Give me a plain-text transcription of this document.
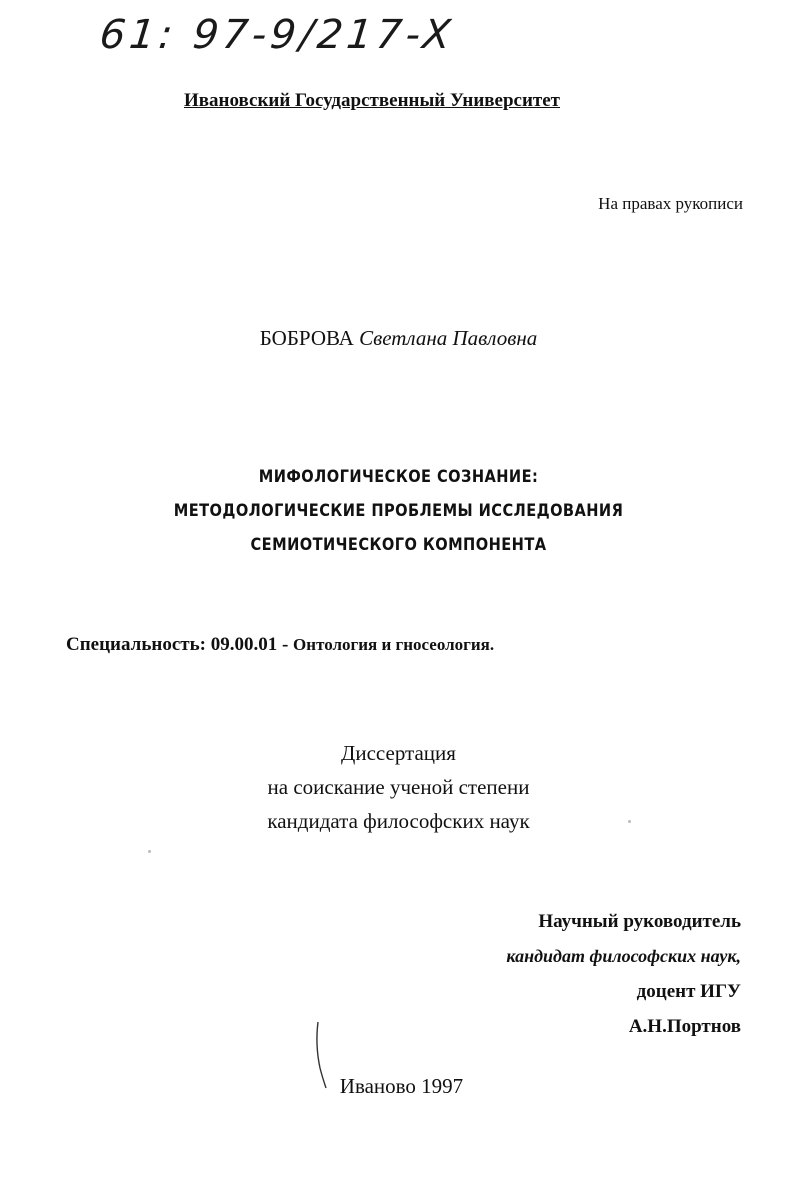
61: 97-9/217-X
Ивановский Государственный Университет
На правах рукописи
БОБРОВА Светлана Павловна
МИФОЛОГИЧЕСКОЕ СОЗНАНИЕ:
МЕТОДОЛОГИЧЕСКИЕ ПРОБЛЕМЫ ИССЛЕДОВАНИЯ
СЕМИОТИЧЕСКОГО КОМПОНЕНТА
Специальность: 09.00.01 - Онтология и гносеология.
Диссертация
на соискание ученой степени
кандидата философских наук
Научный руководитель
кандидат философских наук,
доцент ИГУ
А.Н.Портнов
Иваново 1997
